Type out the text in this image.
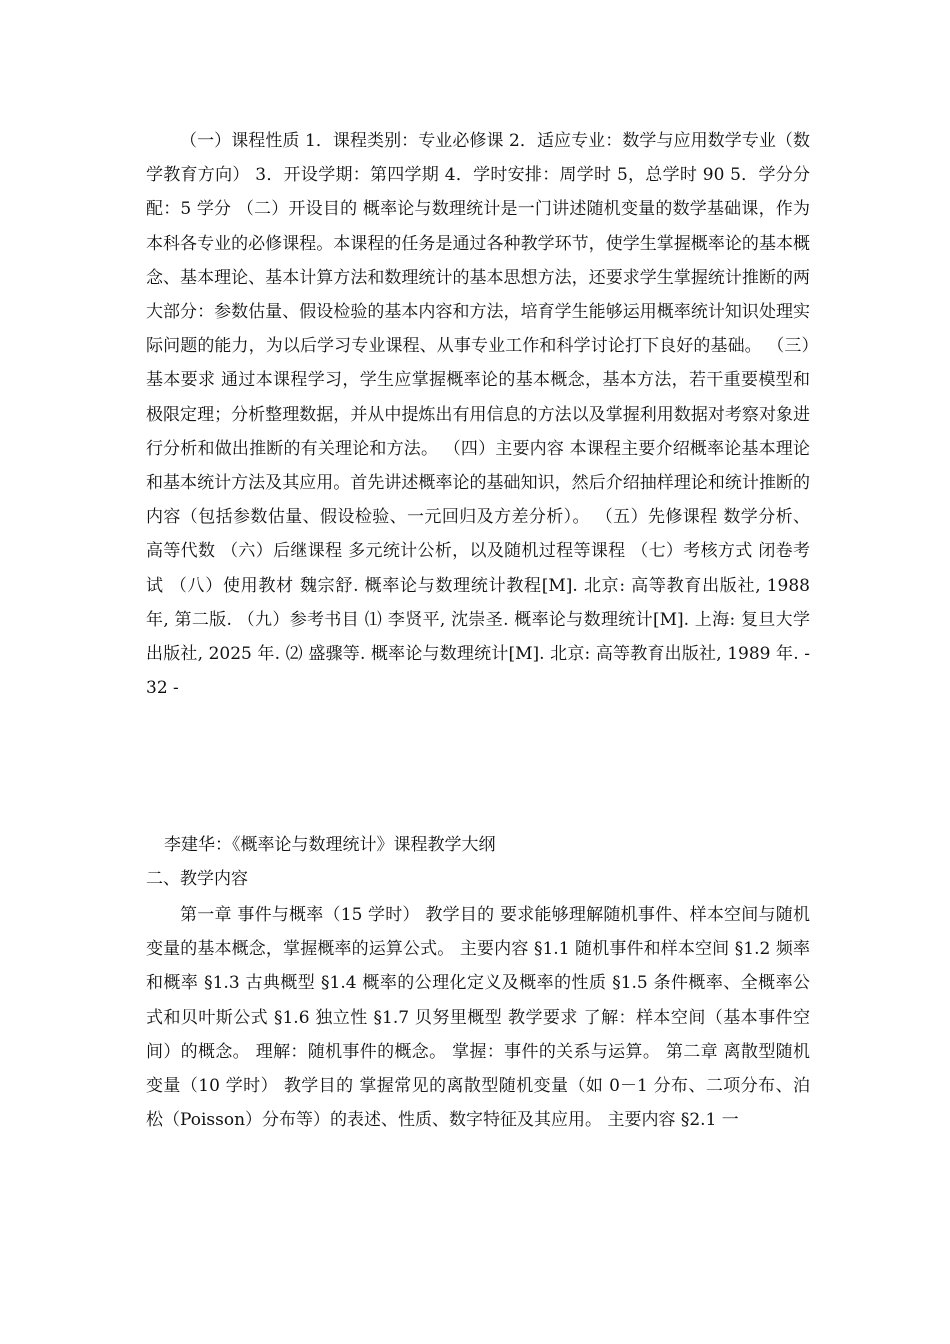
（一）课程性质 1．课程类别：专业必修课 2．适应专业：数学与应用数学专业（数学教育方向） 3．开设学期：第四学期 4．学时安排：周学时 5，总学时 90 5．学分分配：5 学分 （二）开设目的 概率论与数理统计是一门讲述随机变量的数学基础课，作为本科各专业的必修课程。本课程的任务是通过各种教学环节，使学生掌握概率论的基本概念、基本理论、基本计算方法和数理统计的基本思想方法，还要求学生掌握统计推断的两大部分：参数估量、假设检验的基本内容和方法，培育学生能够运用概率统计知识处理实际问题的能力，为以后学习专业课程、从事专业工作和科学讨论打下良好的基础。 （三）基本要求 通过本课程学习，学生应掌握概率论的基本概念，基本方法，若干重要模型和极限定理；分析整理数据，并从中提炼出有用信息的方法以及掌握利用数据对考察对象进行分析和做出推断的有关理论和方法。 （四）主要内容 本课程主要介绍概率论基本理论和基本统计方法及其应用。首先讲述概率论的基础知识，然后介绍抽样理论和统计推断的内容（包括参数估量、假设检验、一元回归及方差分析）。 （五）先修课程 数学分析、高等代数 （六）后继课程 多元统计公析，以及随机过程等课程 （七）考核方式 闭卷考试 （八）使用教材 魏宗舒. 概率论与数理统计教程[M]. 北京: 高等教育出版社, 1988 年, 第二版. （九）参考书目 ⑴ 李贤平, 沈崇圣. 概率论与数理统计[M]. 上海: 复旦大学出版社, 2025 年. ⑵ 盛骤等. 概率论与数理统计[M]. 北京: 高等教育出版社, 1989 年. - 32 -

李建华：《概率论与数理统计》课程教学大纲
二、教学内容

第一章 事件与概率（15 学时） 教学目的 要求能够理解随机事件、样本空间与随机变量的基本概念，掌握概率的运算公式。 主要内容 §1.1 随机事件和样本空间 §1.2 频率和概率 §1.3 古典概型 §1.4 概率的公理化定义及概率的性质 §1.5 条件概率、全概率公式和贝叶斯公式 §1.6 独立性 §1.7 贝努里概型 教学要求 了解：样本空间（基本事件空间）的概念。 理解：随机事件的概念。 掌握：事件的关系与运算。 第二章 离散型随机变量（10 学时） 教学目的 掌握常见的离散型随机变量（如 0－1 分布、二项分布、泊松（Poisson）分布等）的表述、性质、数字特征及其应用。 主要内容 §2.1 一
